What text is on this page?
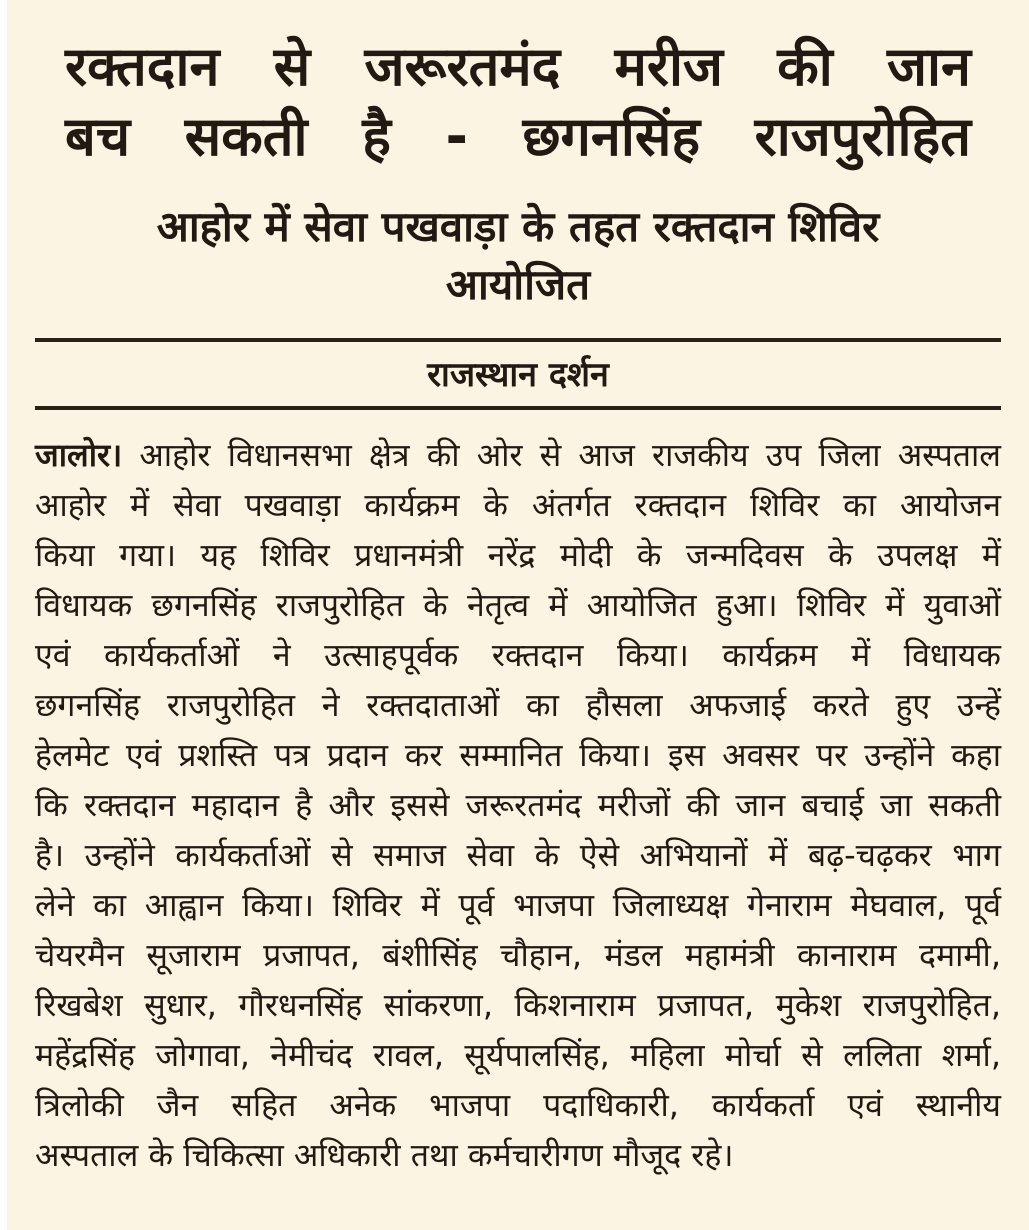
रक्तदान से जरूरतमंद मरीज की जान
बच सकती है - छगनसिंह राजपुरोहित
आहोर में सेवा पखवाड़ा के तहत रक्तदान शिविर
आयोजित
राजस्थान दर्शन
जालोर। आहोर विधानसभा क्षेत्र की ओर से आज राजकीय उप जिला अस्पताल
आहोर में सेवा पखवाड़ा कार्यक्रम के अंतर्गत रक्तदान शिविर का आयोजन
किया गया। यह शिविर प्रधानमंत्री नरेंद्र मोदी के जन्मदिवस के उपलक्ष में
विधायक छगनसिंह राजपुरोहित के नेतृत्व में आयोजित हुआ। शिविर में युवाओं
एवं कार्यकर्ताओं ने उत्साहपूर्वक रक्तदान किया। कार्यक्रम में विधायक
छगनसिंह राजपुरोहित ने रक्तदाताओं का हौसला अफजाई करते हुए उन्हें
हेलमेट एवं प्रशस्ति पत्र प्रदान कर सम्मानित किया। इस अवसर पर उन्होंने कहा
कि रक्तदान महादान है और इससे जरूरतमंद मरीजों की जान बचाई जा सकती
है। उन्होंने कार्यकर्ताओं से समाज सेवा के ऐसे अभियानों में बढ़-चढ़कर भाग
लेने का आह्वान किया। शिविर में पूर्व भाजपा जिलाध्यक्ष गेनाराम मेघवाल, पूर्व
चेयरमैन सूजाराम प्रजापत, बंशीसिंह चौहान, मंडल महामंत्री कानाराम दमामी,
रिखबेश सुधार, गौरधनसिंह सांकरणा, किशनाराम प्रजापत, मुकेश राजपुरोहित,
महेंद्रसिंह जोगावा, नेमीचंद रावल, सूर्यपालसिंह, महिला मोर्चा से ललिता शर्मा,
त्रिलोकी जैन सहित अनेक भाजपा पदाधिकारी, कार्यकर्ता एवं स्थानीय
अस्पताल के चिकित्सा अधिकारी तथा कर्मचारीगण मौजूद रहे।
